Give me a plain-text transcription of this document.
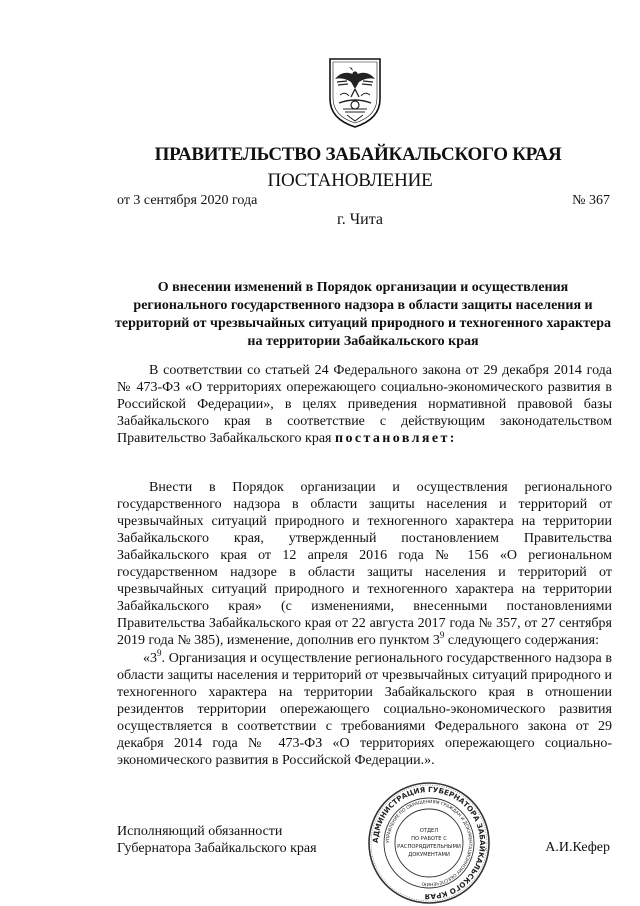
ПРАВИТЕЛЬСТВО ЗАБАЙКАЛЬСКОГО КРАЯ
ПОСТАНОВЛЕНИЕ
от 3 сентября 2020 года	№ 367
г. Чита
О внесении изменений в Порядок организации и осуществления регионального государственного надзора в области защиты населения и территорий от чрезвычайных ситуаций природного и техногенного характера на территории Забайкальского края

В соответствии со статьей 24 Федерального закона от 29 декабря 2014 года № 473-ФЗ «О территориях опережающего социально-экономического развития в Российской Федерации», в целях приведения нормативной правовой базы Забайкальского края в соответствие с действующим законодательством Правительство Забайкальского края постановляет:

Внести в Порядок организации и осуществления регионального государственного надзора в области защиты населения и территорий от чрезвычайных ситуаций природного и техногенного характера на территории Забайкальского края, утвержденный постановлением Правительства Забайкальского края от 12 апреля 2016 года № 156 «О региональном государственном надзоре в области защиты населения и территорий от чрезвычайных ситуаций природного и техногенного характера на территории Забайкальского края» (с изменениями, внесенными постановлениями Правительства Забайкальского края от 22 августа 2017 года № 357, от 27 сентября 2019 года № 385), изменение, дополнив его пунктом $3^9$ следующего содержания:

«$3^9$. Организация и осуществление регионального государственного надзора в области защиты населения и территорий от чрезвычайных ситуаций природного и техногенного характера на территории Забайкальского края в отношении резидентов территории опережающего социально-экономического развития осуществляется в соответствии с требованиями Федерального закона от 29 декабря 2014 года № 473-ФЗ «О территориях опережающего социально-экономического развития в Российской Федерации.».

Исполняющий обязанности
Губернатора Забайкальского края	А.И.Кефер
АДМИНИСТРАЦИЯ ГУБЕРНАТОРА ЗАБАЙКАЛЬСКОГО КРАЯ
УПРАВЛЕНИЕ ПО ОБРАЩЕНИЯМ ГРАЖДАН И ДОКУМЕНТАЦИОННОМУ ОБЕСПЕЧЕНИЮ
ОТДЕЛ
ПО РАБОТЕ С
РАСПОРЯДИТЕЛЬНЫМИ
ДОКУМЕНТАМИ
